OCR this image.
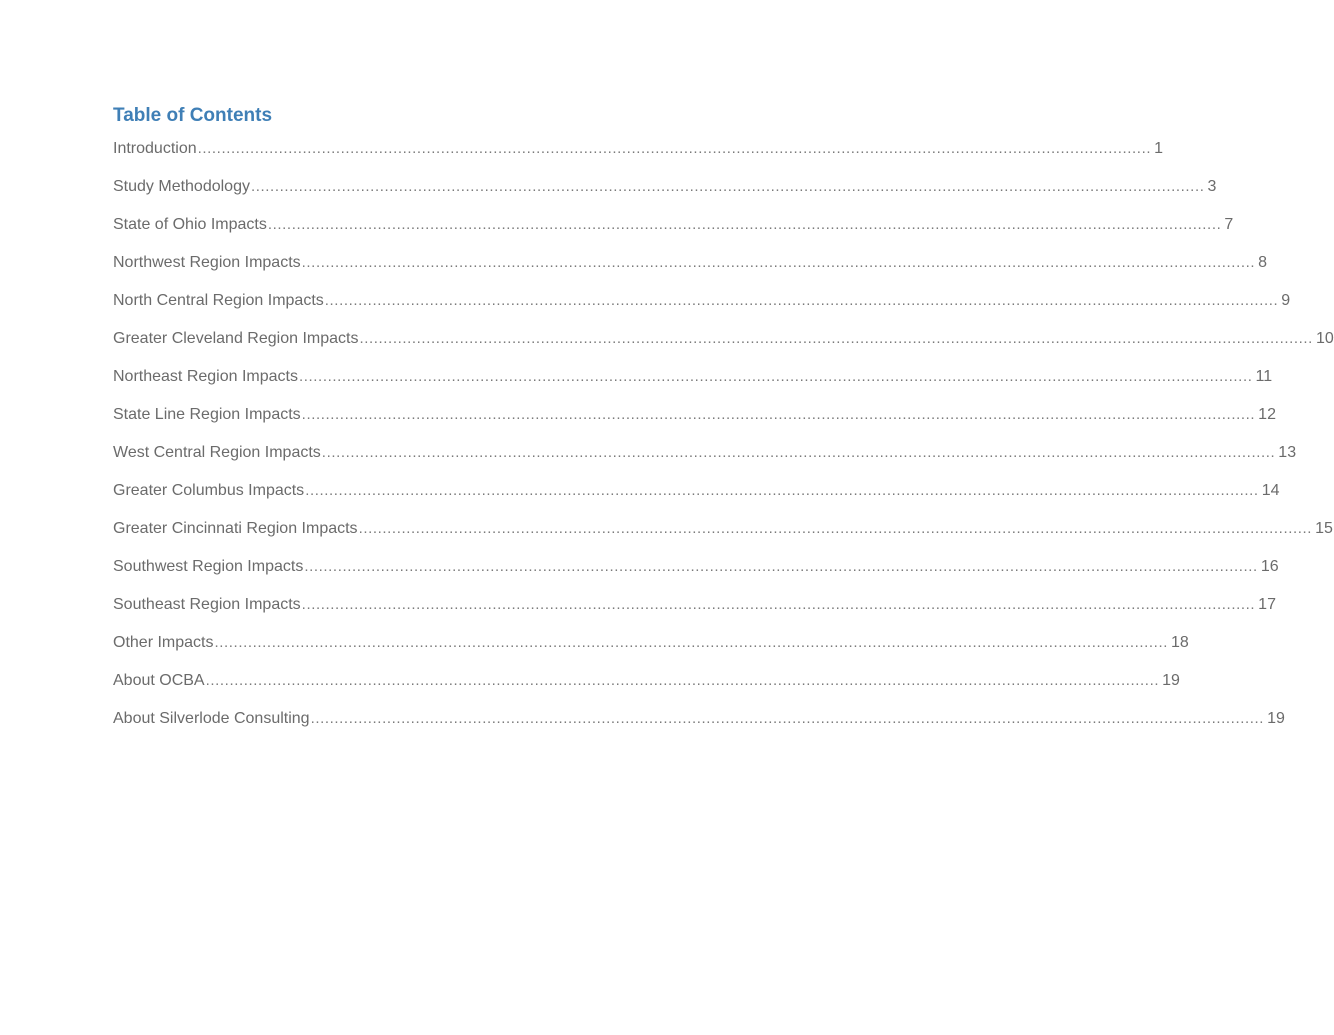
Table of Contents
Introduction ........................................................................................................................................................................................................ 1
Study Methodology ........................................................................................................................................................................................................ 3
State of Ohio Impacts ........................................................................................................................................................................................................ 7
Northwest Region Impacts ........................................................................................................................................................................................................ 8
North Central Region Impacts ........................................................................................................................................................................................................ 9
Greater Cleveland Region Impacts ........................................................................................................................................................................................................ 10
Northeast Region Impacts ........................................................................................................................................................................................................ 11
State Line Region Impacts ........................................................................................................................................................................................................ 12
West Central Region Impacts ........................................................................................................................................................................................................ 13
Greater Columbus Impacts ........................................................................................................................................................................................................ 14
Greater Cincinnati Region Impacts ........................................................................................................................................................................................................ 15
Southwest Region Impacts ........................................................................................................................................................................................................ 16
Southeast Region Impacts ........................................................................................................................................................................................................ 17
Other Impacts ........................................................................................................................................................................................................ 18
About OCBA ........................................................................................................................................................................................................ 19
About Silverlode Consulting ........................................................................................................................................................................................................ 19
